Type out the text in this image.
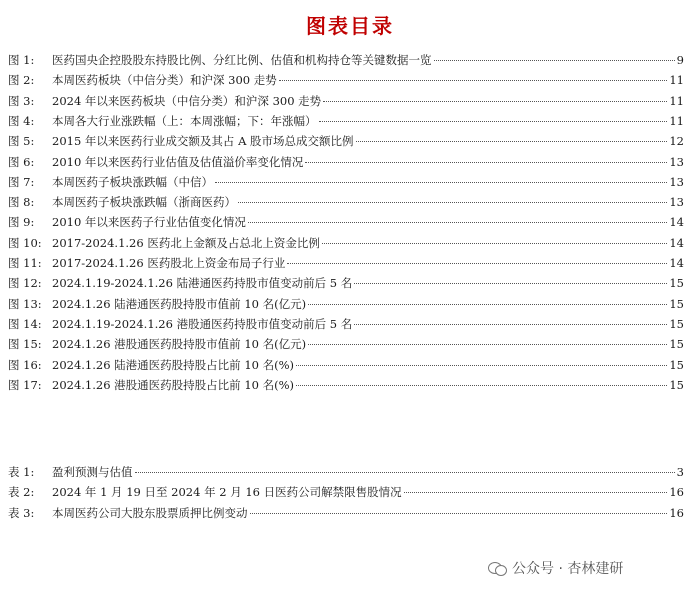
图表目录
图 1:	医药国央企控股股东持股比例、分红比例、估值和机构持仓等关键数据一览	9
图 2:	本周医药板块（中信分类）和沪深 300 走势	11
图 3:	2024 年以来医药板块（中信分类）和沪深 300 走势	11
图 4:	本周各大行业涨跌幅（上：本周涨幅；下：年涨幅）	11
图 5:	2015 年以来医药行业成交额及其占 A 股市场总成交额比例	12
图 6:	2010 年以来医药行业估值及估值溢价率变化情况	13
图 7:	本周医药子板块涨跌幅（中信）	13
图 8:	本周医药子板块涨跌幅（浙商医药）	13
图 9:	2010 年以来医药子行业估值变化情况	14
图 10: 2017-2024.1.26 医药北上金额及占总北上资金比例	14
图 11: 2017-2024.1.26 医药股北上资金布局子行业	14
图 12: 2024.1.19-2024.1.26 陆港通医药持股市值变动前后 5 名	15
图 13: 2024.1.26 陆港通医药股持股市值前 10 名(亿元)	15
图 14: 2024.1.19-2024.1.26 港股通医药持股市值变动前后 5 名	15
图 15: 2024.1.26 港股通医药股持股市值前 10 名(亿元)	15
图 16: 2024.1.26 陆港通医药股持股占比前 10 名(%)	15
图 17: 2024.1.26 港股通医药股持股占比前 10 名(%)	15
表 1:	盈利预测与估值	3
表 2:	2024 年 1 月 19 日至 2024 年 2 月 16 日医药公司解禁限售股情况	16
表 3:	本周医药公司大股东股票质押比例变动	16
公众号 · 杏林建研
